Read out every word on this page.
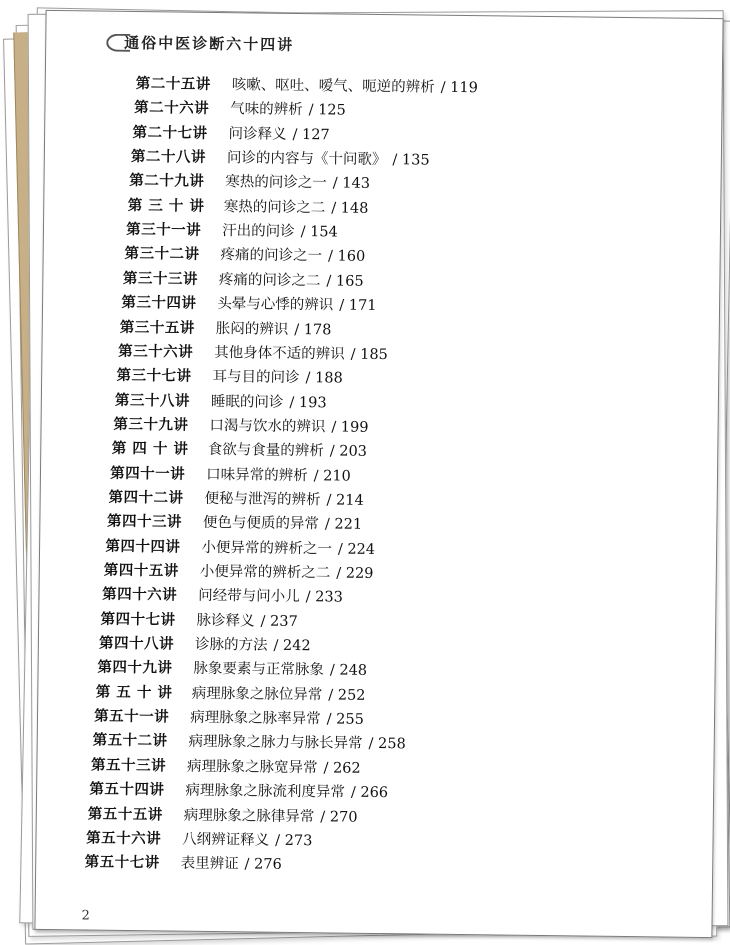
通俗中医诊断六十四讲
第二十五讲 咳嗽、呕吐、嗳气、呃逆的辨析 / 119
第二十六讲 气味的辨析 / 125
第二十七讲 问诊释义 / 127
第二十八讲 问诊的内容与《十问歌》 / 135
第二十九讲 寒热的问诊之一 / 143
第 三 十 讲 寒热的问诊之二 / 148
第三十一讲 汗出的问诊 / 154
第三十二讲 疼痛的问诊之一 / 160
第三十三讲 疼痛的问诊之二 / 165
第三十四讲 头晕与心悸的辨识 / 171
第三十五讲 胀闷的辨识 / 178
第三十六讲 其他身体不适的辨识 / 185
第三十七讲 耳与目的问诊 / 188
第三十八讲 睡眠的问诊 / 193
第三十九讲 口渴与饮水的辨识 / 199
第 四 十 讲 食欲与食量的辨析 / 203
第四十一讲 口味异常的辨析 / 210
第四十二讲 便秘与泄泻的辨析 / 214
第四十三讲 便色与便质的异常 / 221
第四十四讲 小便异常的辨析之一 / 224
第四十五讲 小便异常的辨析之二 / 229
第四十六讲 问经带与问小儿 / 233
第四十七讲 脉诊释义 / 237
第四十八讲 诊脉的方法 / 242
第四十九讲 脉象要素与正常脉象 / 248
第 五 十 讲 病理脉象之脉位异常 / 252
第五十一讲 病理脉象之脉率异常 / 255
第五十二讲 病理脉象之脉力与脉长异常 / 258
第五十三讲 病理脉象之脉宽异常 / 262
第五十四讲 病理脉象之脉流利度异常 / 266
第五十五讲 病理脉象之脉律异常 / 270
第五十六讲 八纲辨证释义 / 273
第五十七讲 表里辨证 / 276
2
